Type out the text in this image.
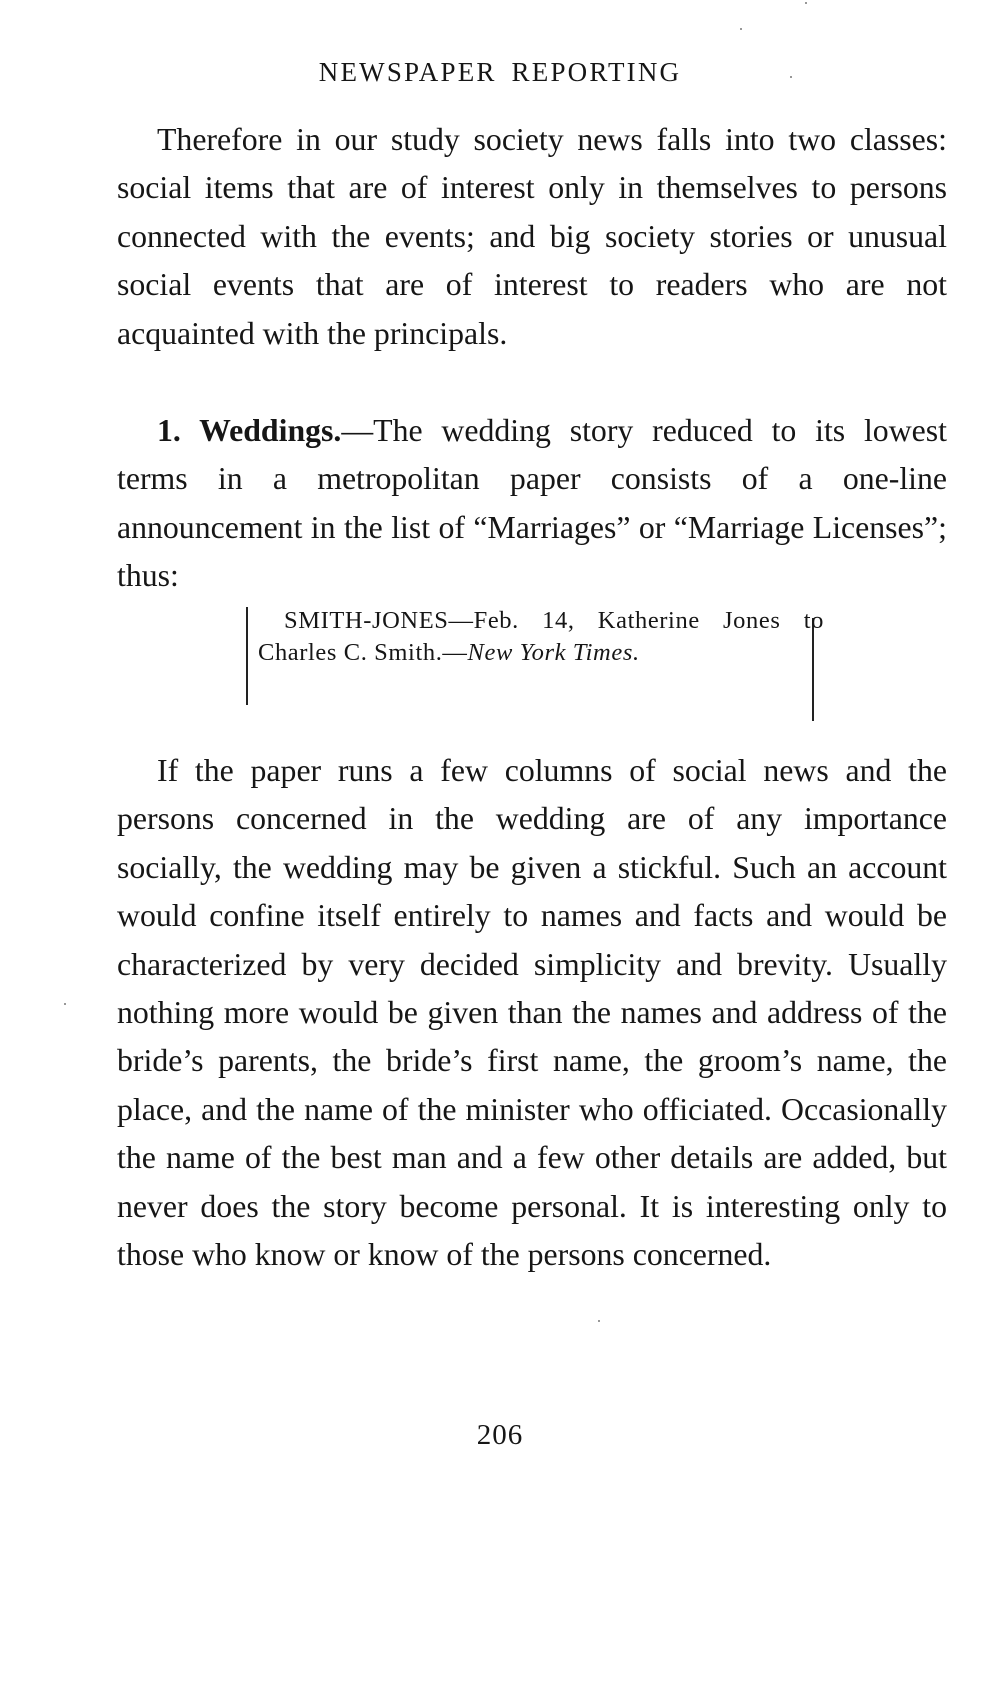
NEWSPAPER REPORTING

Therefore in our study society news falls into two classes: social items that are of interest only in themselves to persons connected with the events; and big society stories or unusual social events that are of interest to readers who are not acquainted with the principals.

1. Weddings.—The wedding story reduced to its lowest terms in a metropolitan paper consists of a one-line announcement in the list of “Marriages” or “Marriage Licenses”; thus:

SMITH-JONES—Feb. 14, Katherine Jones to Charles C. Smith.—New York Times.

If the paper runs a few columns of social news and the persons concerned in the wedding are of any importance socially, the wedding may be given a stickful. Such an account would confine itself entirely to names and facts and would be characterized by very decided simplicity and brevity. Usually nothing more would be given than the names and address of the bride’s parents, the bride’s first name, the groom’s name, the place, and the name of the minister who officiated. Occasionally the name of the best man and a few other details are added, but never does the story become personal. It is interesting only to those who know or know of the persons concerned.

206
